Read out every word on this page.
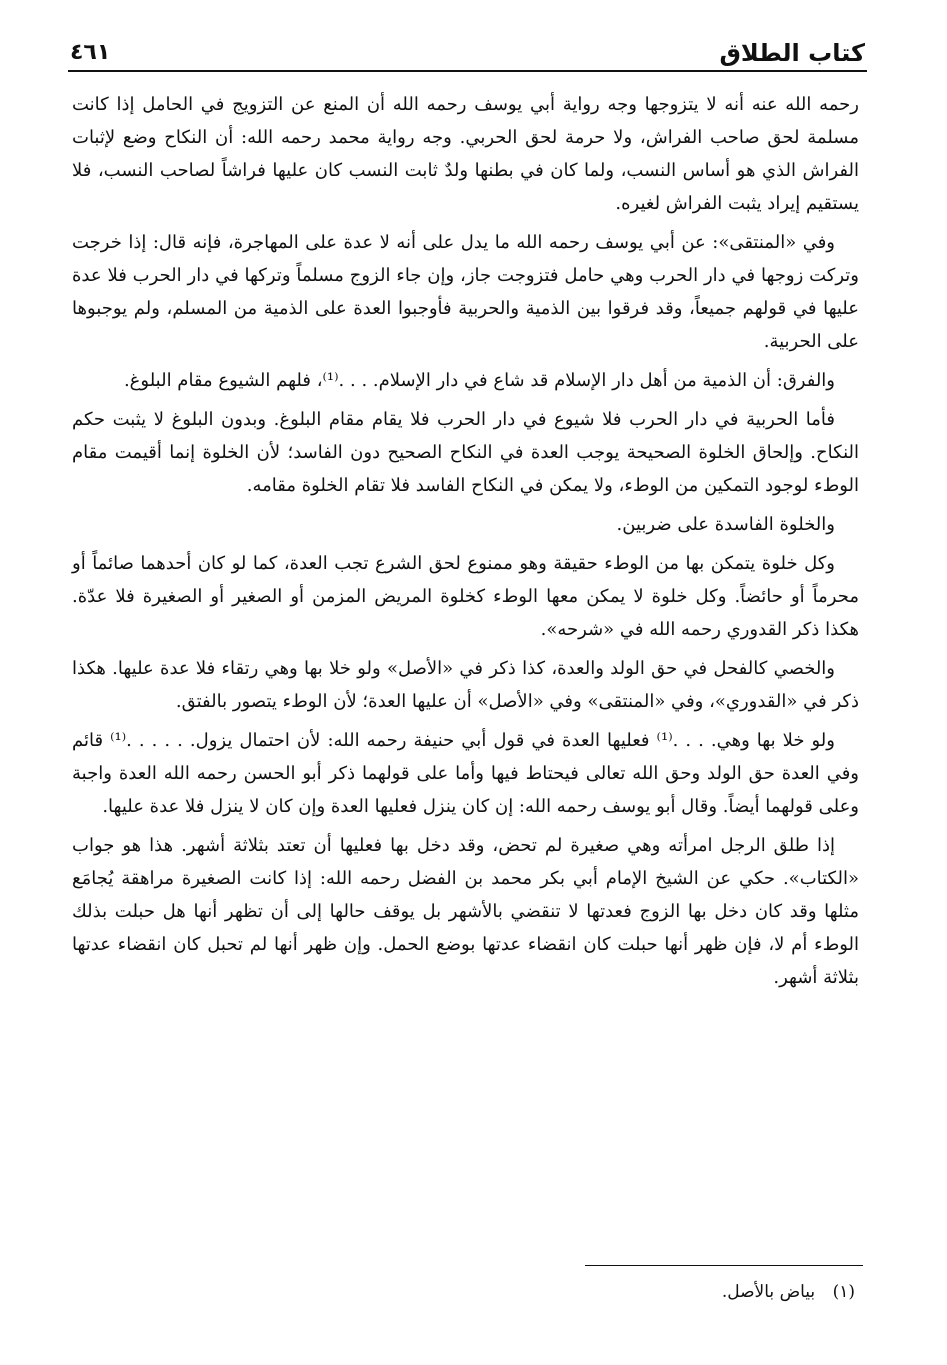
كتاب الطلاق
٤٦١

رحمه الله عنه أنه لا يتزوجها وجه رواية أبي يوسف رحمه الله أن المنع عن التزويج في الحامل إذا كانت مسلمة لحق صاحب الفراش، ولا حرمة لحق الحربي. وجه رواية محمد رحمه الله: أن النكاح وضع لإثبات الفراش الذي هو أساس النسب، ولما كان في بطنها ولدٌ ثابت النسب كان عليها فراشاً لصاحب النسب، فلا يستقيم إيراد يثبت الفراش لغيره.

وفي «المنتقى»: عن أبي يوسف رحمه الله ما يدل على أنه لا عدة على المهاجرة، فإنه قال: إذا خرجت وتركت زوجها في دار الحرب وهي حامل فتزوجت جاز، وإن جاء الزوج مسلماً وتركها في دار الحرب فلا عدة عليها في قولهم جميعاً، وقد فرقوا بين الذمية والحربية فأوجبوا العدة على الذمية من المسلم، ولم يوجبوها على الحربية.

والفرق: أن الذمية من أهل دار الإسلام قد شاع في دار الإسلام. . . .⁽¹⁾، فلهم الشيوع مقام البلوغ.

فأما الحربية في دار الحرب فلا شيوع في دار الحرب فلا يقام مقام البلوغ. وبدون البلوغ لا يثبت حكم النكاح. وإلحاق الخلوة الصحيحة يوجب العدة في النكاح الصحيح دون الفاسد؛ لأن الخلوة إنما أقيمت مقام الوطء لوجود التمكين من الوطء، ولا يمكن في النكاح الفاسد فلا تقام الخلوة مقامه.

والخلوة الفاسدة على ضربين.

وكل خلوة يتمكن بها من الوطء حقيقة وهو ممنوع لحق الشرع تجب العدة، كما لو كان أحدهما صائماً أو محرماً أو حائضاً. وكل خلوة لا يمكن معها الوطء كخلوة المريض المزمن أو الصغير أو الصغيرة فلا عدّة. هكذا ذكر القدوري رحمه الله في «شرحه».

والخصي كالفحل في حق الولد والعدة، كذا ذكر في «الأصل» ولو خلا بها وهي رتقاء فلا عدة عليها. هكذا ذكر في «القدوري»، وفي «المنتقى» وفي «الأصل» أن عليها العدة؛ لأن الوطء يتصور بالفتق.

ولو خلا بها وهي. . . .⁽¹⁾ فعليها العدة في قول أبي حنيفة رحمه الله: لأن احتمال يزول. . . . . .⁽¹⁾ قائم وفي العدة حق الولد وحق الله تعالى فيحتاط فيها وأما على قولهما ذكر أبو الحسن رحمه الله العدة واجبة وعلى قولهما أيضاً. وقال أبو يوسف رحمه الله: إن كان ينزل فعليها العدة وإن كان لا ينزل فلا عدة عليها.

إذا طلق الرجل امرأته وهي صغيرة لم تحض، وقد دخل بها فعليها أن تعتد بثلاثة أشهر. هذا هو جواب «الكتاب». حكي عن الشيخ الإمام أبي بكر محمد بن الفضل رحمه الله: إذا كانت الصغيرة مراهقة يُجامَع مثلها وقد كان دخل بها الزوج فعدتها لا تنقضي بالأشهر بل يوقف حالها إلى أن تظهر أنها هل حبلت بذلك الوطء أم لا، فإن ظهر أنها حبلت كان انقضاء عدتها بوضع الحمل. وإن ظهر أنها لم تحبل كان انقضاء عدتها بثلاثة أشهر.

(١) بياض بالأصل.
